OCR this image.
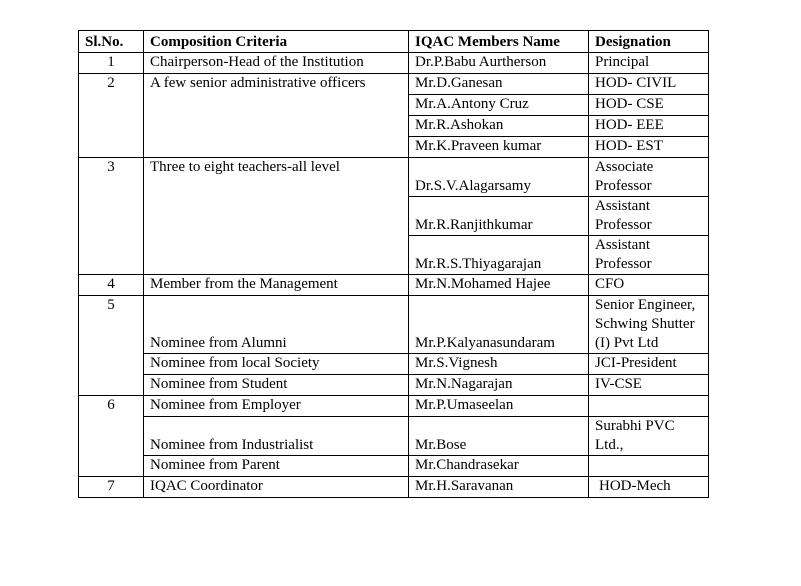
Sl.No.	Composition Criteria	IQAC Members Name	Designation
1	Chairperson-Head of the Institution	Dr.P.Babu Aurtherson	Principal
2	A few senior administrative officers	Mr.D.Ganesan	HOD- CIVIL
		Mr.A.Antony Cruz	HOD- CSE
		Mr.R.Ashokan	HOD- EEE
		Mr.K.Praveen kumar	HOD- EST
3	Three to eight teachers-all level	Dr.S.V.Alagarsamy	Associate Professor
		Mr.R.Ranjithkumar	Assistant Professor
		Mr.R.S.Thiyagarajan	Assistant Professor
4	Member from the Management	Mr.N.Mohamed Hajee	CFO
5	Nominee from Alumni	Mr.P.Kalyanasundaram	Senior Engineer, Schwing Shutter (I) Pvt Ltd
	Nominee from local Society	Mr.S.Vignesh	JCI-President
	Nominee from Student	Mr.N.Nagarajan	IV-CSE
6	Nominee from Employer	Mr.P.Umaseelan	
	Nominee from Industrialist	Mr.Bose	Surabhi PVC Ltd.,
	Nominee from Parent	Mr.Chandrasekar	
7	IQAC Coordinator	Mr.H.Saravanan	HOD-Mech
